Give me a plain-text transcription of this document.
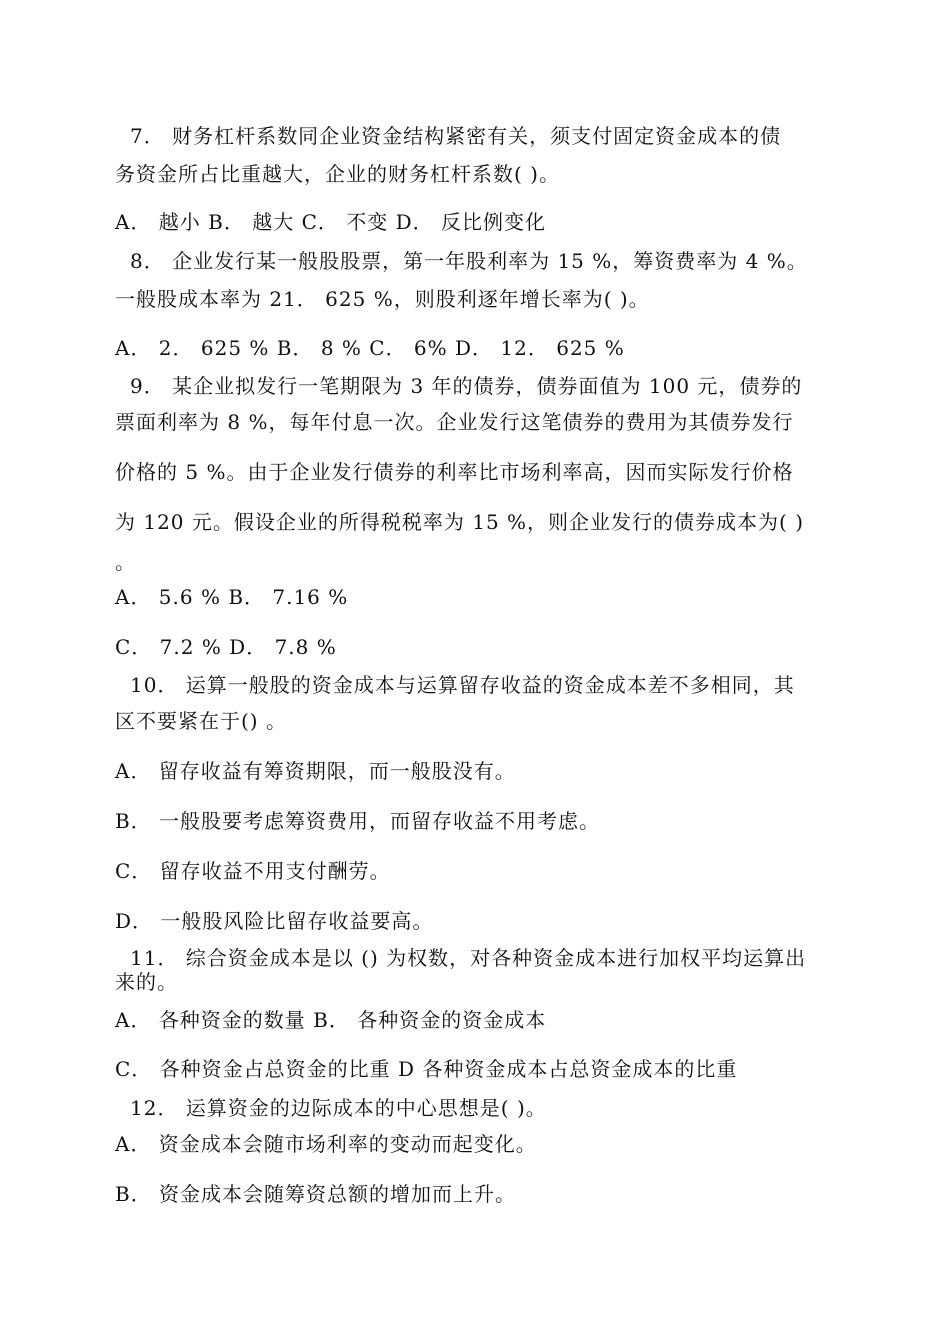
7． 财务杠杆系数同企业资金结构紧密有关，须支付固定资金成本的债

务资金所占比重越大，企业的财务杠杆系数( )。

A． 越小 B． 越大 C． 不变 D． 反比例变化

8． 企业发行某一般股股票，第一年股利率为 15 %，筹资费率为 4 %。

一般股成本率为 21． 625 %，则股利逐年增长率为( )。

A． 2． 625 % B． 8 % C． 6% D． 12． 625 %

9． 某企业拟发行一笔期限为 3 年的债券，债券面值为 100 元，债券的

票面利率为 8 %，每年付息一次。企业发行这笔债券的费用为其债券发行

价格的 5 %。由于企业发行债券的利率比市场利率高，因而实际发行价格

为 120 元。假设企业的所得税税率为 15 %，则企业发行的债券成本为( )

。

A． 5.6 % B． 7.16 %

C． 7.2 % D． 7.8 %

10． 运算一般股的资金成本与运算留存收益的资金成本差不多相同，其

区不要紧在于() 。

A． 留存收益有筹资期限，而一般股没有。

B． 一般股要考虑筹资费用，而留存收益不用考虑。

C． 留存收益不用支付酬劳。

D． 一般股风险比留存收益要高。

11． 综合资金成本是以 () 为权数，对各种资金成本进行加权平均运算出

来的。

A． 各种资金的数量 B． 各种资金的资金成本

C． 各种资金占总资金的比重 D 各种资金成本占总资金成本的比重

12． 运算资金的边际成本的中心思想是( )。

A． 资金成本会随市场利率的变动而起变化。

B． 资金成本会随筹资总额的增加而上升。
